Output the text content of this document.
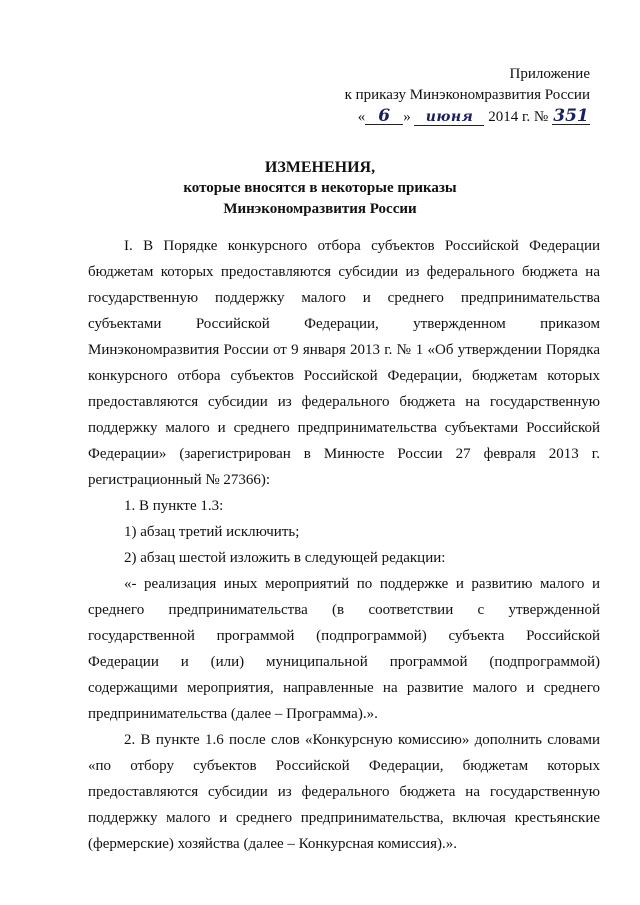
Приложение
к приказу Минэкономразвития России
« 6 » июня 2014 г. № 351
ИЗМЕНЕНИЯ,
которые вносятся в некоторые приказы
Минэкономразвития России

I. В Порядке конкурсного отбора субъектов Российской Федерации бюджетам которых предоставляются субсидии из федерального бюджета на государственную поддержку малого и среднего предпринимательства субъектами Российской Федерации, утвержденном приказом Минэкономразвития России от 9 января 2013 г. № 1 «Об утверждении Порядка конкурсного отбора субъектов Российской Федерации, бюджетам которых предоставляются субсидии из федерального бюджета на государственную поддержку малого и среднего предпринимательства субъектами Российской Федерации» (зарегистрирован в Минюсте России 27 февраля 2013 г. регистрационный № 27366):

1. В пункте 1.3:

1) абзац третий исключить;

2) абзац шестой изложить в следующей редакции:

«- реализация иных мероприятий по поддержке и развитию малого и среднего предпринимательства (в соответствии с утвержденной государственной программой (подпрограммой) субъекта Российской Федерации и (или) муниципальной программой (подпрограммой) содержащими мероприятия, направленные на развитие малого и среднего предпринимательства (далее – Программа).».

2. В пункте 1.6 после слов «Конкурсную комиссию» дополнить словами «по отбору субъектов Российской Федерации, бюджетам которых предоставляются субсидии из федерального бюджета на государственную поддержку малого и среднего предпринимательства, включая крестьянские (фермерские) хозяйства (далее – Конкурсная комиссия).».
